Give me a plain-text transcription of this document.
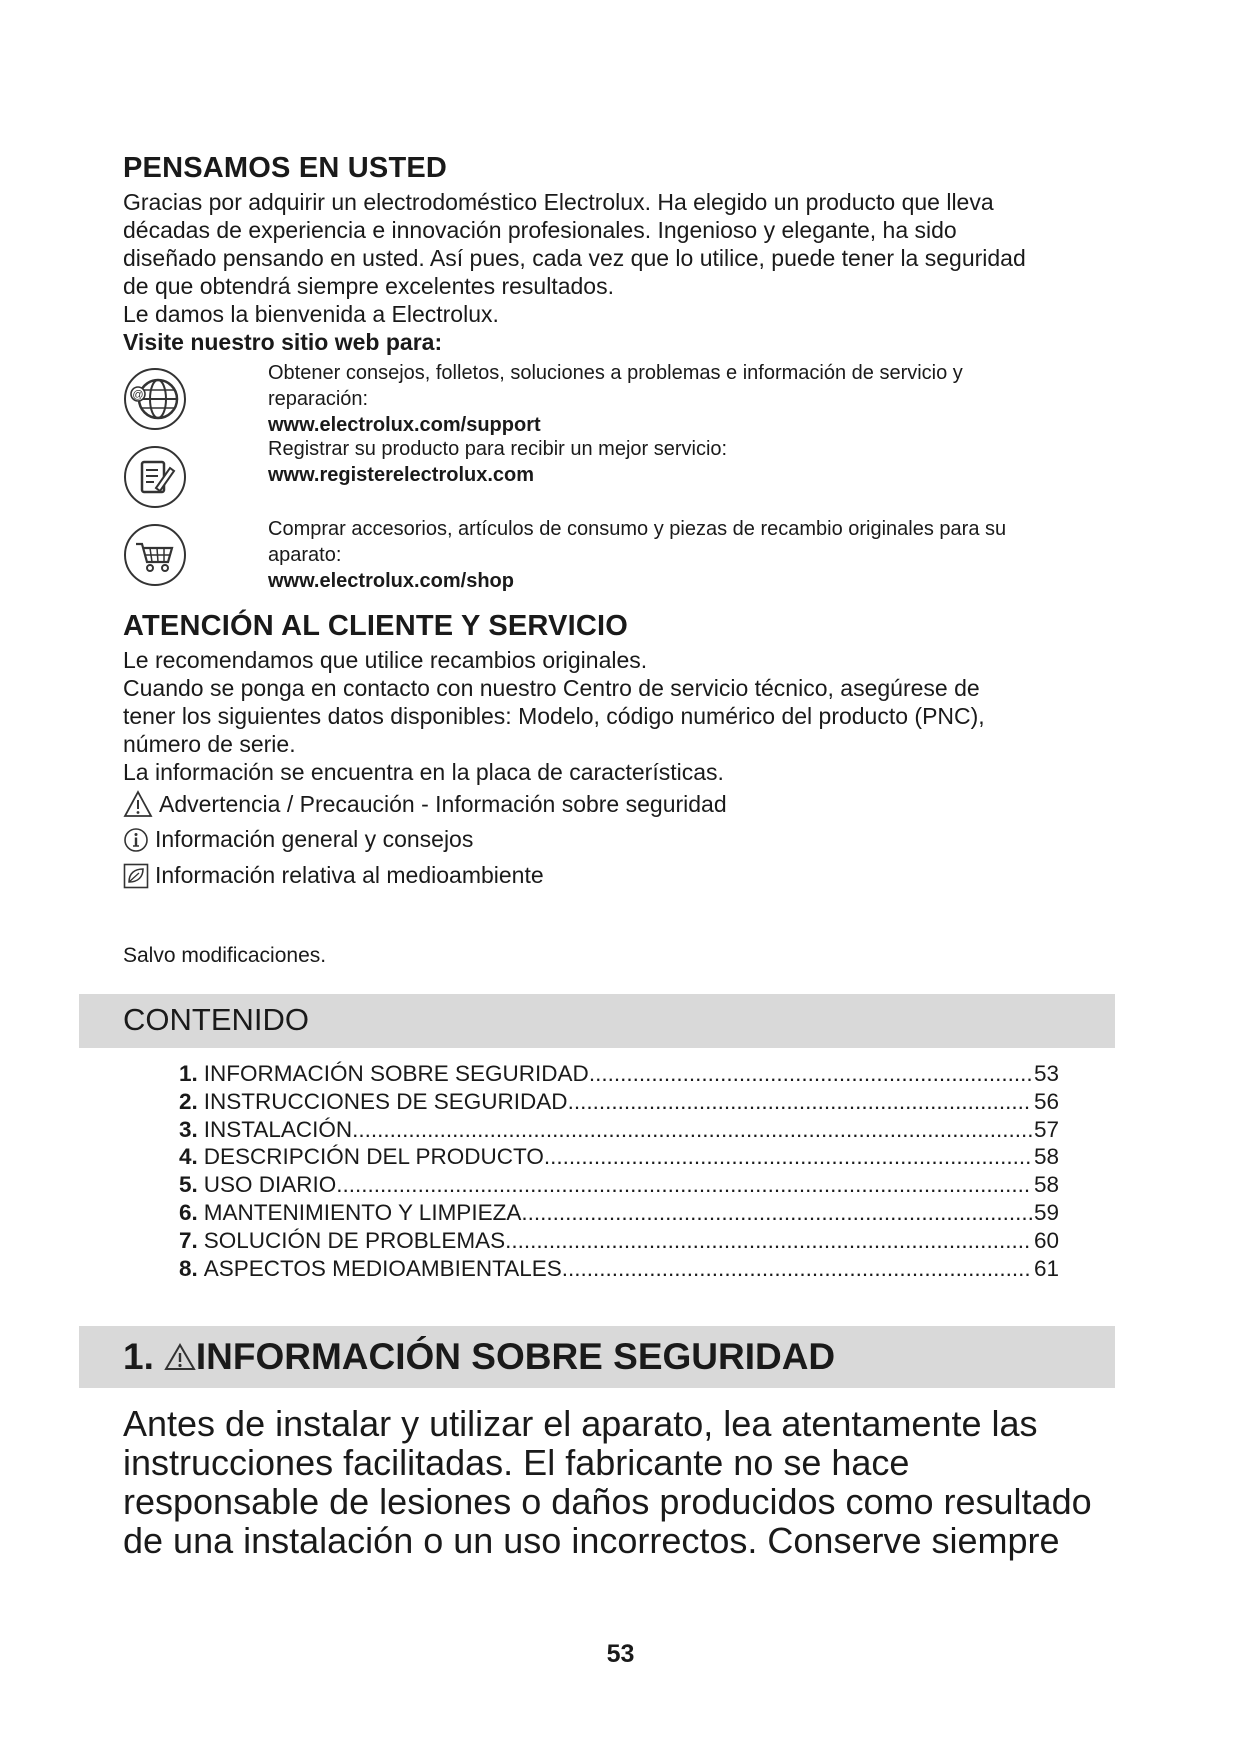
PENSAMOS EN USTED

Gracias por adquirir un electrodoméstico Electrolux. Ha elegido un producto que lleva

décadas de experiencia e innovación profesionales. Ingenioso y elegante, ha sido

diseñado pensando en usted. Así pues, cada vez que lo utilice, puede tener la seguridad

de que obtendrá siempre excelentes resultados.

Le damos la bienvenida a Electrolux.

Visite nuestro sitio web para:

@

Obtener consejos, folletos, soluciones a problemas e información de servicio y

reparación:

www.electrolux.com/support

Registrar su producto para recibir un mejor servicio:

www.registerelectrolux.com

Comprar accesorios, artículos de consumo y piezas de recambio originales para su

aparato:

www.electrolux.com/shop

ATENCIÓN AL CLIENTE Y SERVICIO

Le recomendamos que utilice recambios originales.

Cuando se ponga en contacto con nuestro Centro de servicio técnico, asegúrese de

tener los siguientes datos disponibles: Modelo, código numérico del producto (PNC),

número de serie.

La información se encuentra en la placa de características.

Advertencia / Precaución - Información sobre seguridad
Información general y consejos
Información relativa al medioambiente
Salvo modificaciones.
CONTENIDO
1. INFORMACIÓN SOBRE SEGURIDAD .....	53
2. INSTRUCCIONES DE SEGURIDAD .....	56
3. INSTALACIÓN .....	57
4. DESCRIPCIÓN DEL PRODUCTO .....	58
5. USO DIARIO .....	58
6. MANTENIMIENTO Y LIMPIEZA .....	59
7. SOLUCIÓN DE PROBLEMAS .....	60
8. ASPECTOS MEDIOAMBIENTALES .....	61
1. INFORMACIÓN SOBRE SEGURIDAD
Antes de instalar y utilizar el aparato, lea atentamente las
instrucciones facilitadas. El fabricante no se hace
responsable de lesiones o daños producidos como resultado
de una instalación o un uso incorrectos. Conserve siempre
53
